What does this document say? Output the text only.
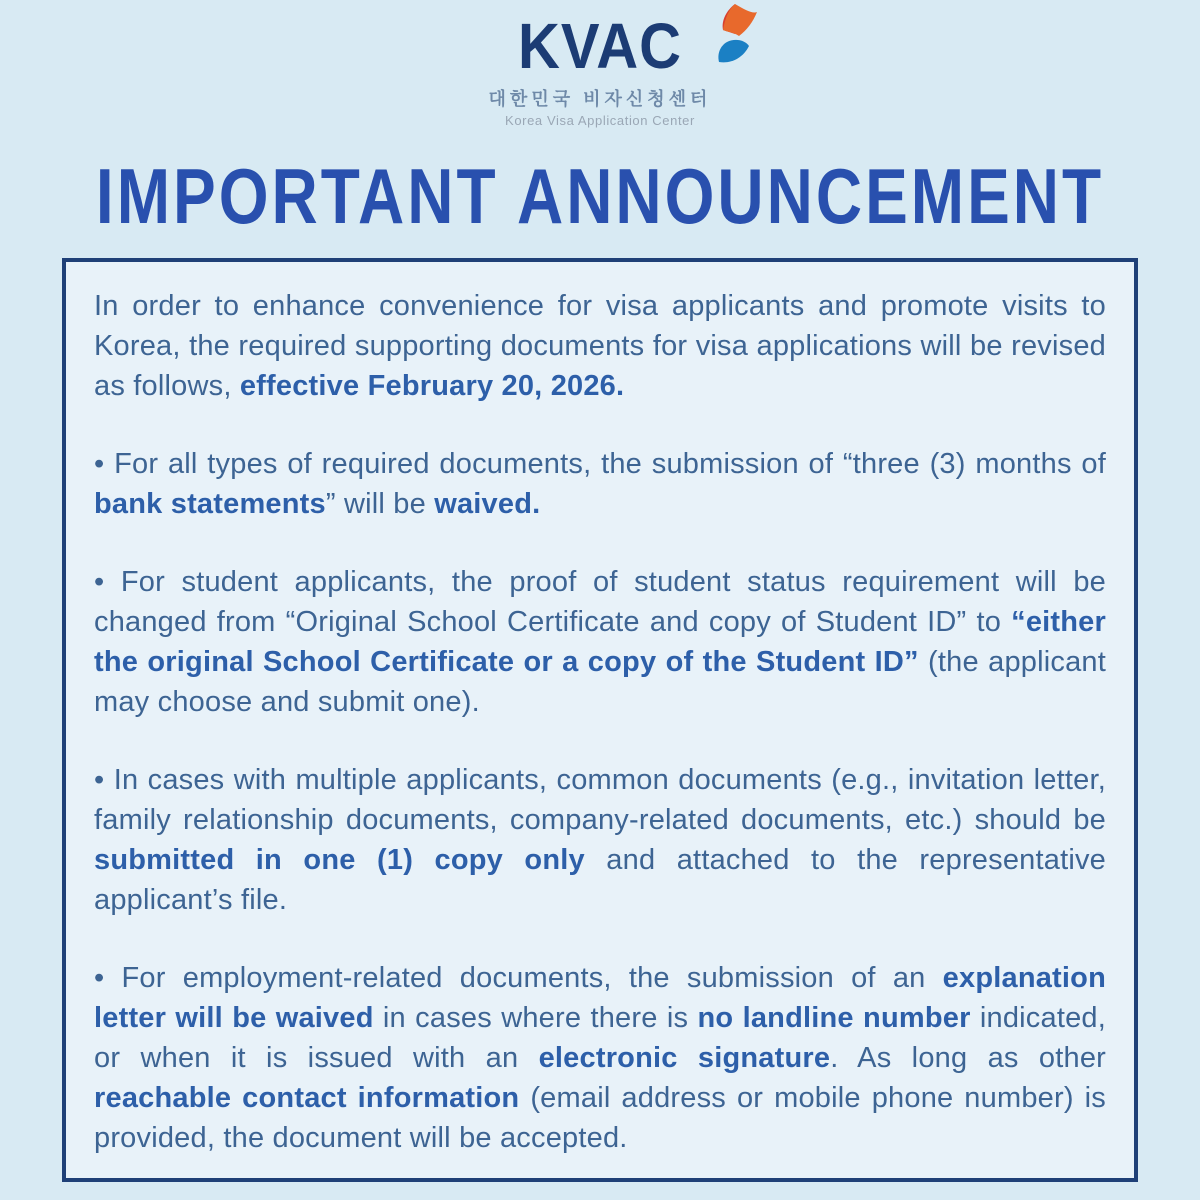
KVAC
대한민국 비자신청센터
Korea Visa Application Center
IMPORTANT ANNOUNCEMENT
In order to enhance convenience for visa applicants and promote visits to Korea, the required supporting documents for visa applications will be revised as follows, effective February 20, 2026.
• For all types of required documents, the submission of “three (3) months of bank statements” will be waived.
• For student applicants, the proof of student status requirement will be changed from “Original School Certificate and copy of Student ID” to “either the original School Certificate or a copy of the Student ID” (the applicant may choose and submit one).
• In cases with multiple applicants, common documents (e.g., invitation letter, family relationship documents, company-related documents, etc.) should be submitted in one (1) copy only and attached to the representative applicant’s file.
• For employment-related documents, the submission of an explanation letter will be waived in cases where there is no landline number indicated, or when it is issued with an electronic signature. As long as other reachable contact information (email address or mobile phone number) is provided, the document will be accepted.
